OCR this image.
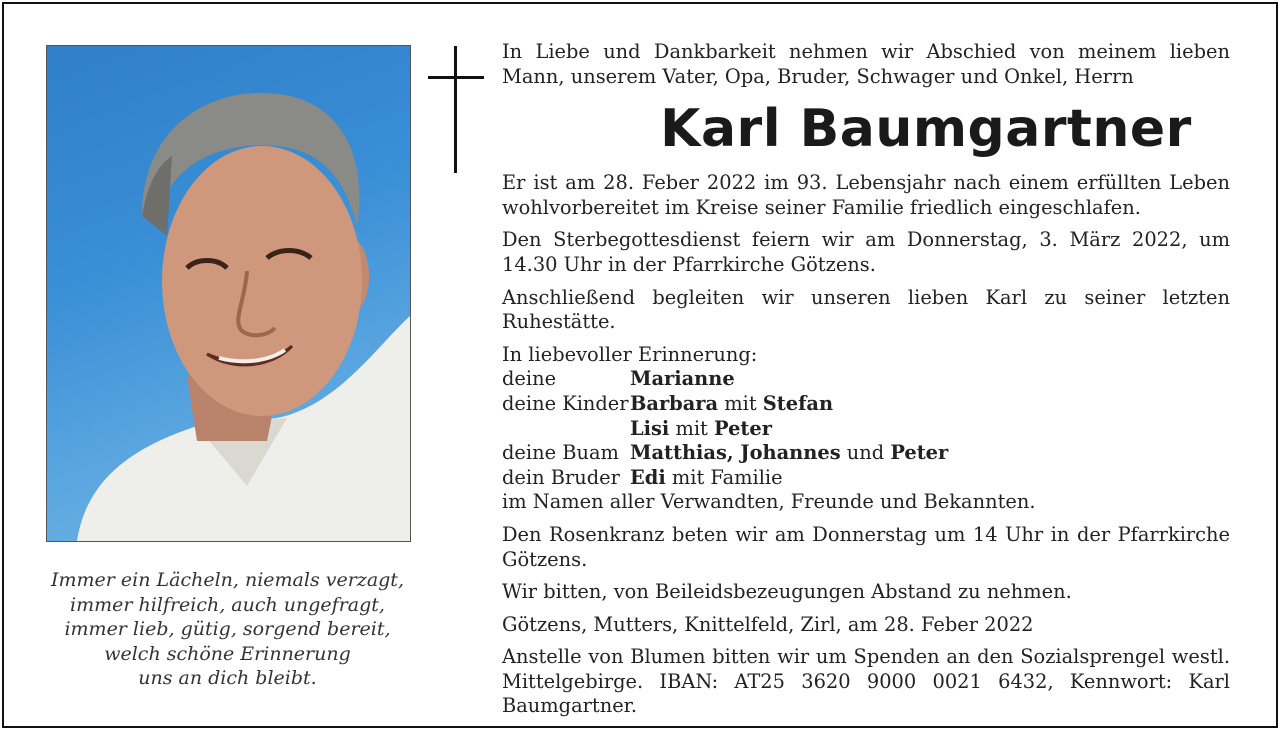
Immer ein Lächeln, niemals verzagt,
immer hilfreich, auch ungefragt,
immer lieb, gütig, sorgend bereit,
welch schöne Erinnerung
uns an dich bleibt.
In Liebe und Dankbarkeit nehmen wir Abschied von meinem lieben Mann, unserem Vater, Opa, Bruder, Schwager und Onkel, Herrn
Karl Baumgartner
Er ist am 28. Feber 2022 im 93. Lebensjahr nach einem erfüllten Leben wohlvorbereitet im Kreise seiner Familie friedlich eingeschlafen.
Den Sterbegottesdienst feiern wir am Donnerstag, 3. März 2022, um 14.30 Uhr in der Pfarrkirche Götzens.
Anschließend begleiten wir unseren lieben Karl zu seiner letzten Ruhestätte.
In liebevoller Erinnerung:
deine	Marianne
deine KinderBarbara mit Stefan
Lisi mit Peter
deine Buam Matthias, Johannes und Peter
dein Bruder Edi mit Familie
im Namen aller Verwandten, Freunde und Bekannten.
Den Rosenkranz beten wir am Donnerstag um 14 Uhr in der Pfarrkirche Götzens.
Wir bitten, von Beileidsbezeugungen Abstand zu nehmen.
Götzens, Mutters, Knittelfeld, Zirl, am 28. Feber 2022
Anstelle von Blumen bitten wir um Spenden an den Sozialsprengel westl. Mittelgebirge. IBAN: AT25 3620 9000 0021 6432, Kennwort: Karl Baumgartner.
